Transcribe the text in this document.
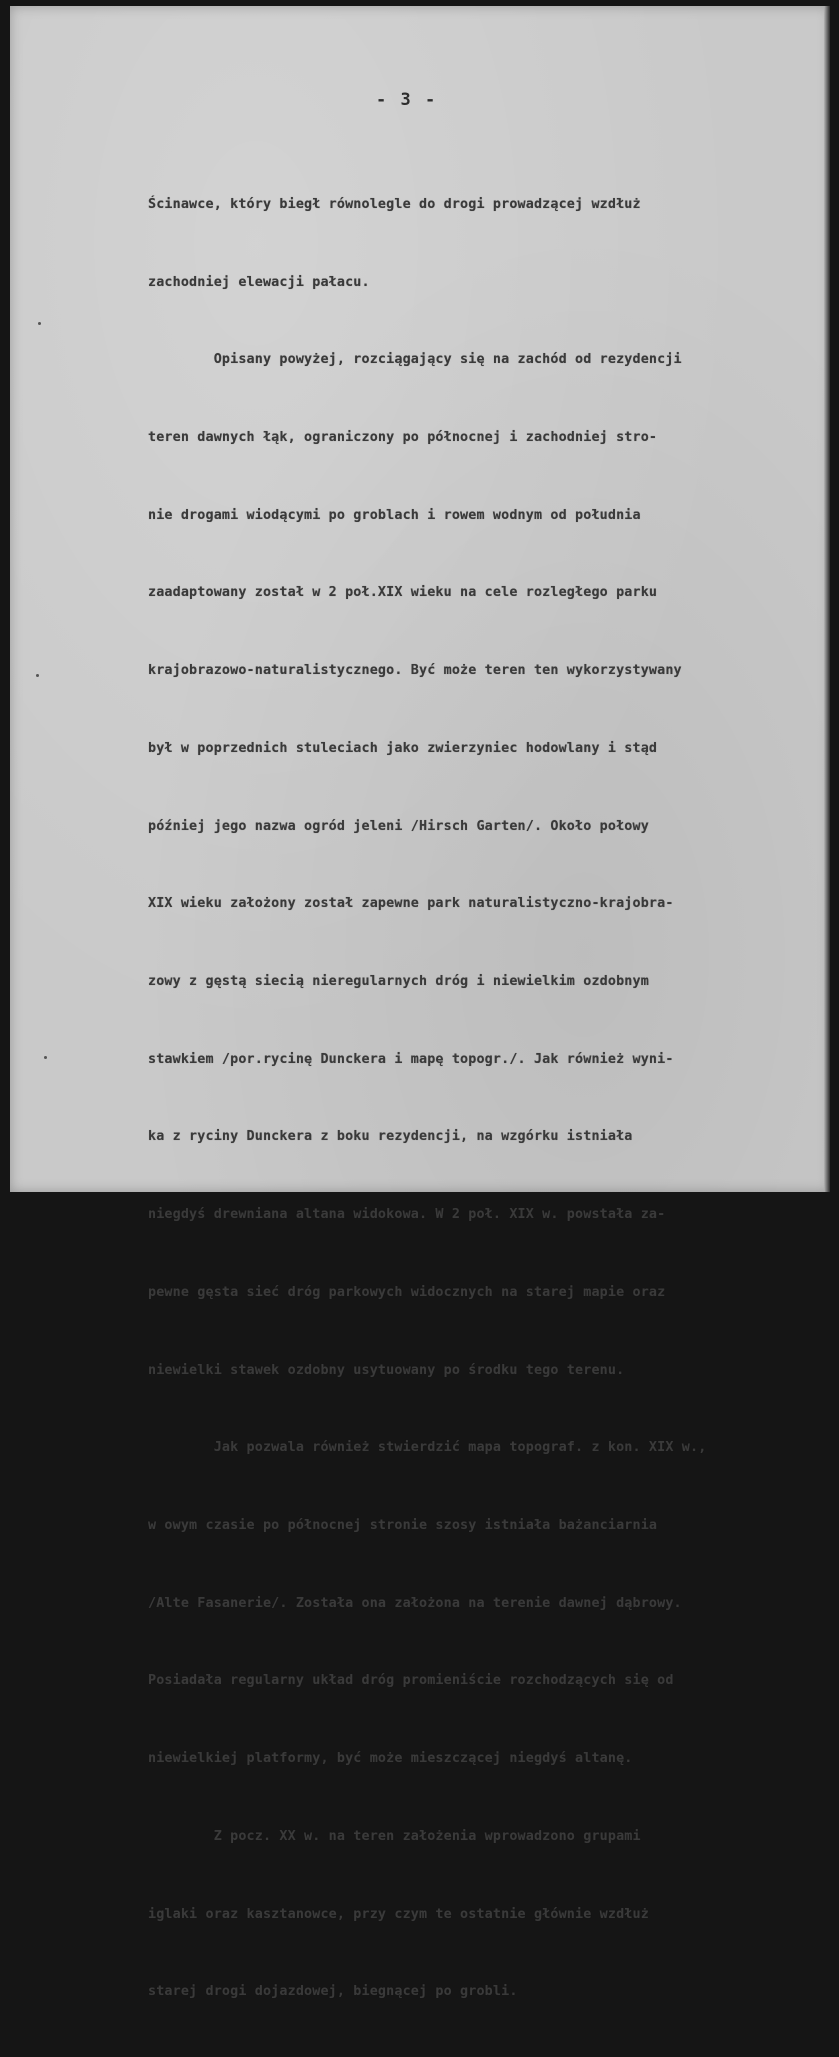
- 3 -

Ścinawce, który biegł równolegle do drogi prowadzącej wzdłuż

zachodniej elewacji pałacu.

Opisany powyżej, rozciągający się na zachód od rezydencji

teren dawnych łąk, ograniczony po północnej i zachodniej stro-

nie drogami wiodącymi po groblach i rowem wodnym od południa

zaadaptowany został w 2 poł.XIX wieku na cele rozległego parku

krajobrazowo-naturalistycznego. Być może teren ten wykorzystywany

był w poprzednich stuleciach jako zwierzyniec hodowlany i stąd

później jego nazwa ogród jeleni /Hirsch Garten/. Około połowy

XIX wieku założony został zapewne park naturalistyczno-krajobra-

zowy z gęstą siecią nieregularnych dróg i niewielkim ozdobnym

stawkiem /por.rycinę Dunckera i mapę topogr./. Jak również wyni-

ka z ryciny Dunckera z boku rezydencji, na wzgórku istniała

niegdyś drewniana altana widokowa. W 2 poł. XIX w. powstała za-

pewne gęsta sieć dróg parkowych widocznych na starej mapie oraz

niewielki stawek ozdobny usytuowany po środku tego terenu.

Jak pozwala również stwierdzić mapa topograf. z kon. XIX w.,

w owym czasie po północnej stronie szosy istniała bażanciarnia

/Alte Fasanerie/. Została ona założona na terenie dawnej dąbrowy.

Posiadała regularny układ dróg promieniście rozchodzących się od

niewielkiej platformy, być może mieszczącej niegdyś altanę.

Z pocz. XX w. na teren założenia wprowadzono grupami

iglaki oraz kasztanowce, przy czym te ostatnie głównie wzdłuż

starej drogi dojazdowej, biegnącej po grobli.
